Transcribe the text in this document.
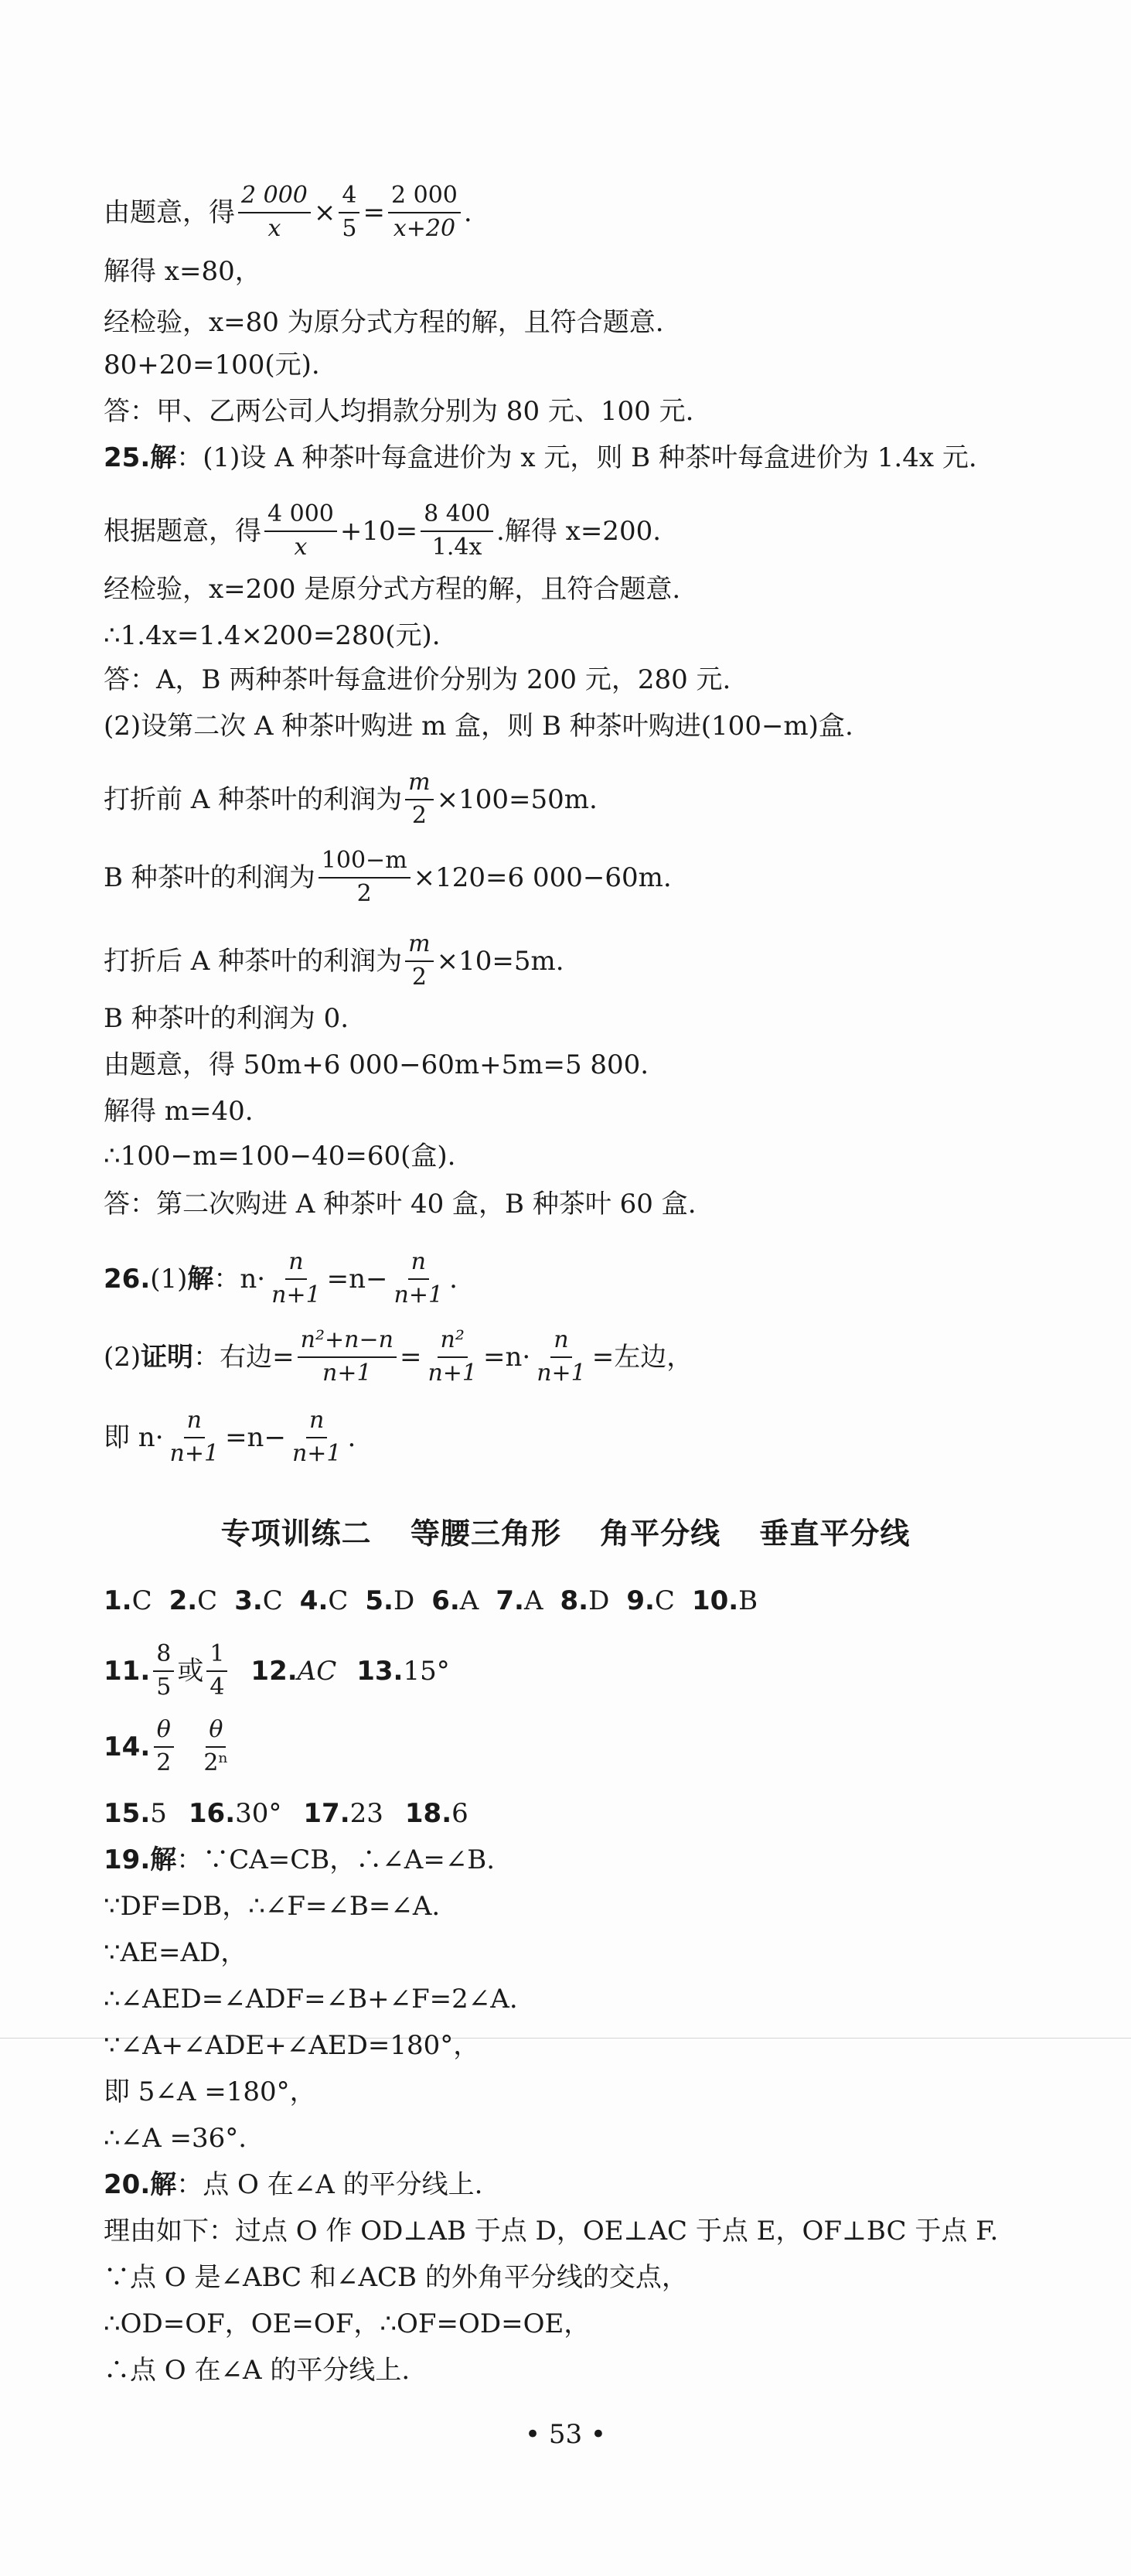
由题意，得 $\frac{2 000}{x} \times \frac{4}{5} = \frac{2 000}{x+20}$ .
解得 x=80，
经检验，x=80 为原分式方程的解，且符合题意.
80+20=100(元).
答：甲、乙两公司人均捐款分别为 80 元、100 元.
25.解 ：(1)设 A 种茶叶每盒进价为 x 元，则 B 种茶叶每盒进价为 1.4x 元.
根据题意，得 $\frac{4 000}{x} +10= \frac{8 400}{1.4x}$ .解得 x=200.
经检验，x=200 是原分式方程的解，且符合题意.
∴1.4x=1.4×200=280(元).
答：A，B 两种茶叶每盒进价分别为 200 元，280 元.
(2)设第二次 A 种茶叶购进 m 盒，则 B 种茶叶购进(100−m)盒.
打折前 A 种茶叶的利润为 $\frac{m}{2} \times 100=50m$.
B 种茶叶的利润为 $\frac{100-m}{2} \times 120=6$ 000−60m.
打折后 A 种茶叶的利润为 $\frac{m}{2} \times 10=5m$.
B 种茶叶的利润为 0.
由题意，得 50m+6 000−60m+5m=5 800.
解得 m=40.
∴100−m=100−40=60(盒).
答：第二次购进 A 种茶叶 40 盒，B 种茶叶 60 盒.
26. (1) 解 ：$n\cdot \frac{n}{n+1} =n- \frac{n}{n+1}$ .
(2) 证明 ：右边= $\frac{\text{n²+n−n}}{n+1} = \frac{\text{n²}}{n+1} =n\cdot \frac{n}{n+1}$ =左边，
即 $n\cdot \frac{n}{n+1} =n- \frac{n}{n+1}$ .
专项训练二 等腰三角形 角平分线 垂直平分线
1.C 2.C 3.C 4.C 5.D 6.A 7.A 8.D 9.C 10.B
11. $\frac{8}{5}$ 或 $\frac{1}{4} 12$. AC 13. 15°
14. $\frac{\theta}{2} \frac{\theta}{\text{2ⁿ}}$
15.5 16.30° 17.23 18.6
19.解 ：∵CA=CB，∴∠A=∠B.
∵DF=DB，∴∠F=∠B=∠A.
∵AE=AD，
∴∠AED=∠ADF=∠B+∠F=2∠A.
∵∠A+∠ADE+∠AED=180°，
即 5∠A =180°，
∴∠A =36°.
20.解 ：点 O 在∠A 的平分线上.
理由如下：过点 O 作 OD⊥AB 于点 D，OE⊥AC 于点 E，OF⊥BC 于点 F.
∵点 O 是∠ABC 和∠ACB 的外角平分线的交点，
∴OD=OF，OE=OF，∴OF=OD=OE，
∴点 O 在∠A 的平分线上.
• 53 •
